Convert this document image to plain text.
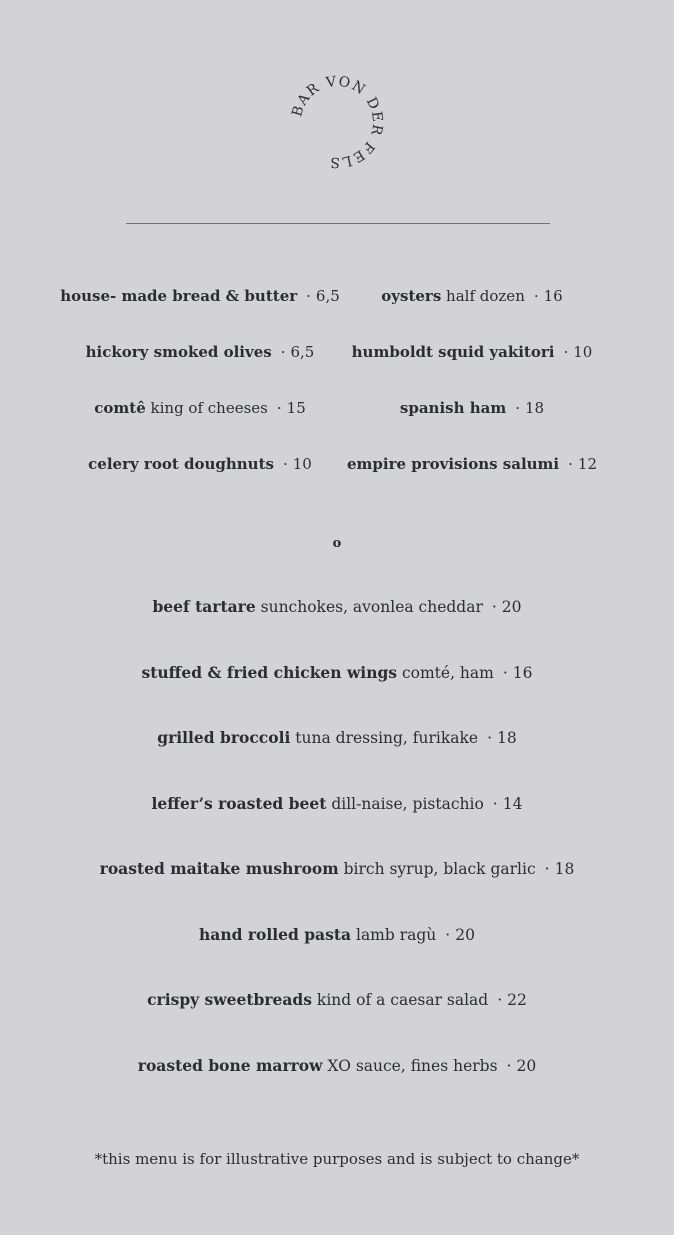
BAR VON DER FELS
house- made bread & butter · 6,5	oysters half dozen · 16
hickory smoked olives · 6,5 humboldt squid yakitori · 10
comtê king of cheeses · 15	spanish ham · 18
celery root doughnuts · 10 empire provisions salumi · 12
o
beef tartare sunchokes, avonlea cheddar · 20
stuffed & fried chicken wings comté, ham · 16
grilled broccoli tuna dressing, furikake · 18
leffer’s roasted beet dill-naise, pistachio · 14
roasted maitake mushroom birch syrup, black garlic · 18
hand rolled pasta lamb ragù · 20
crispy sweetbreads kind of a caesar salad · 22
roasted bone marrow XO sauce, fines herbs · 20
*this menu is for illustrative purposes and is subject to change*
